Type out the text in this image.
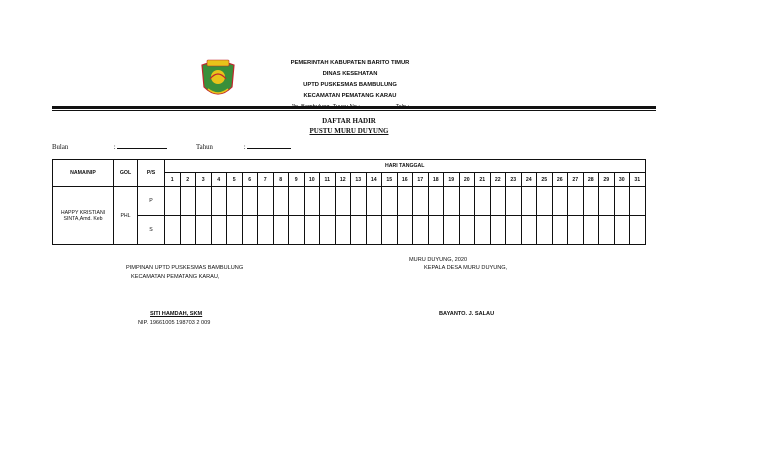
PEMERINTAH KABUPATEN BARITO TIMUR
DINAS KESEHATAN
UPTD PUSKESMAS BAMBULUNG
KECAMATAN PEMATANG KARAU
DAFTAR HADIR
PUSTU MURU DUYUNG
Bulan	:	Tahun	:
NAMA/NIP	GOL	P/S	HARI TANGGAL																														
			1	2	3	4	5	6	7	8	9	10	11	12	13	14	15	16	17	18	19	20	21	22	23	24	25	26	27	28	29	30	31
HAPPY KRISTIANI SINTA,Amd. Keb	PHL	P																															
		S																															
MURU DUYUNG, 2020
PIMPINAN UPTD PUSKESMAS BAMBULUNG
KECAMATAN PEMATANG KARAU,
KEPALA DESA MURU DUYUNG,
SITI HAMDAH, SKM
NIP. 19661005 198703 2 009
BAYANTO. J. SALAU
